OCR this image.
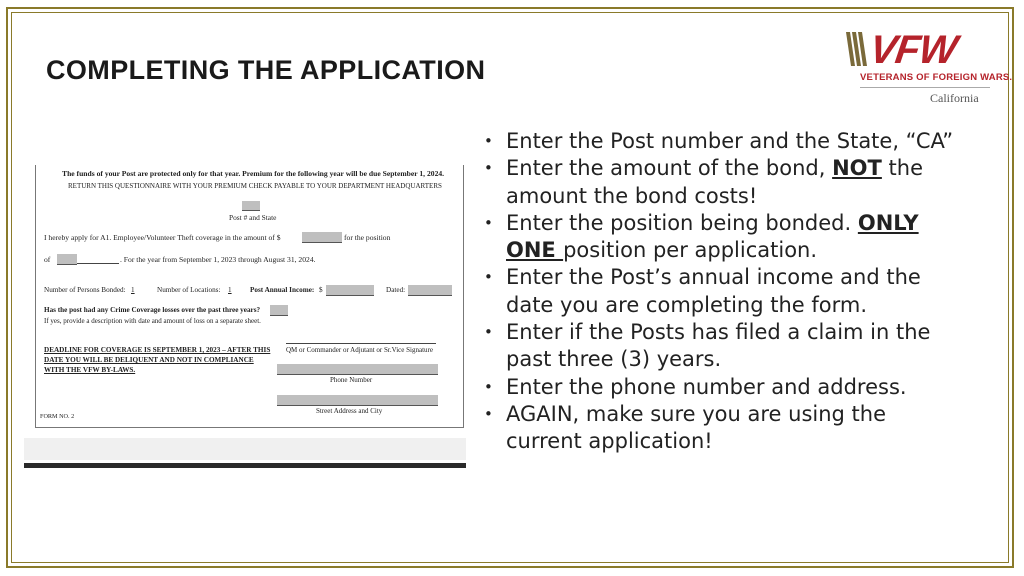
COMPLETING THE APPLICATION	VFW
VETERANS OF FOREIGN WARS.
California
The funds of your Post are protected only for that year. Premium for the following year will be due September 1, 2024.
RETURN THIS QUESTIONNAIRE WITH YOUR PREMIUM CHECK PAYABLE TO YOUR DEPARTMENT HEADQUARTERS
Post # and State
I hereby apply for A1. Employee/Volunteer Theft coverage in the amount of $	for the position
of	. For the year from September 1, 2023 through August 31, 2024.
Number of Persons Bonded: 1	Number of Locations: 1	Post Annual Income: $	Dated:
Has the post had any Crime Coverage losses over the past three years?
If yes, provide a description with date and amount of loss on a separate sheet.
DEADLINE FOR COVERAGE IS SEPTEMBER 1, 2023 – AFTER THIS
DATE YOU WILL BE DELIQUENT AND NOT IN COMPLIANCE
WITH THE VFW BY-LAWS.
QM or Commander or Adjutant or Sr.Vice Signature
Phone Number
Street Address and City
FORM NO. 2
• Enter the Post number and the State, “CA”
• Enter the amount of the bond, NOT the amount the bond costs!
• Enter the position being bonded. ONLY ONE position per application.
• Enter the Post’s annual income and the date you are completing the form.
• Enter if the Posts has filed a claim in the past three (3) years.
• Enter the phone number and address.
• AGAIN, make sure you are using the current application!
